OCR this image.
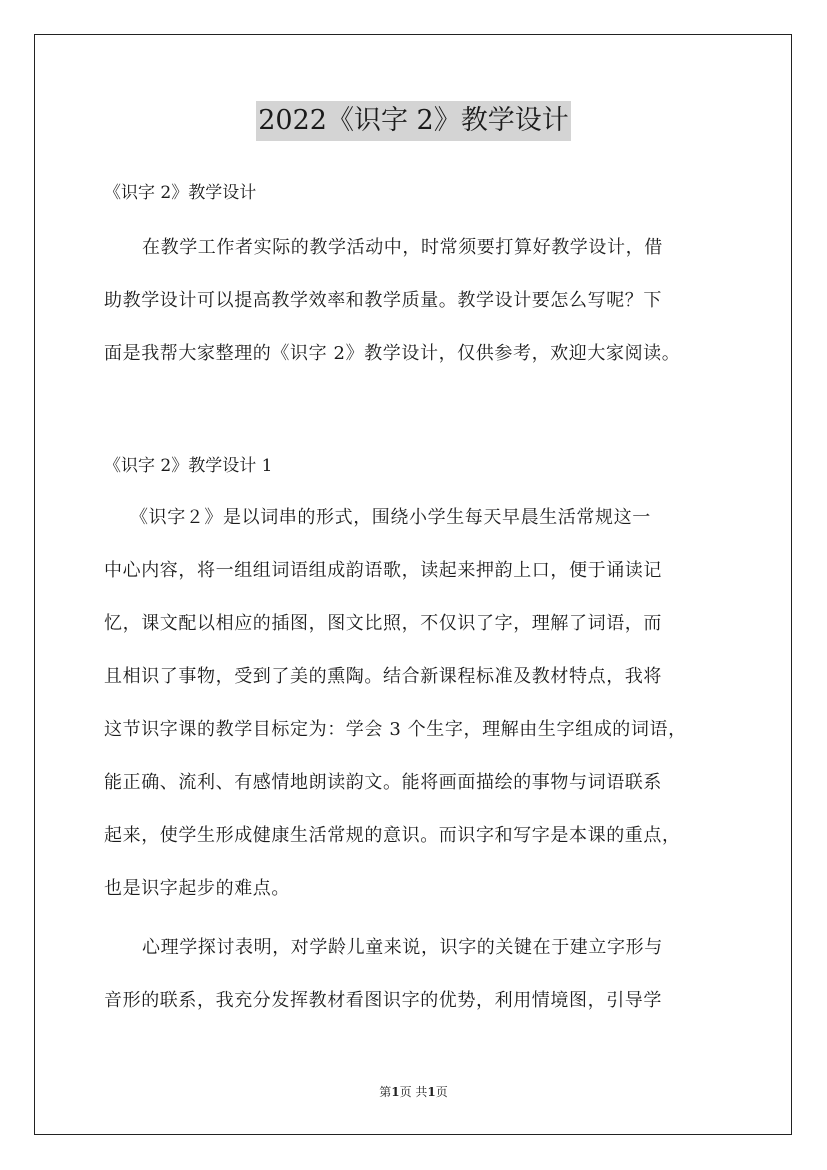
2022《识字 2》教学设计
《识字 2》教学设计
在教学工作者实际的教学活动中，时常须要打算好教学设计，借
助教学设计可以提高教学效率和教学质量。教学设计要怎么写呢？下
面是我帮大家整理的《识字 2》教学设计，仅供参考，欢迎大家阅读。
《识字 2》教学设计 1
《识字２》是以词串的形式，围绕小学生每天早晨生活常规这一
中心内容，将一组组词语组成韵语歌，读起来押韵上口，便于诵读记
忆，课文配以相应的插图，图文比照，不仅识了字，理解了词语，而
且相识了事物，受到了美的熏陶。结合新课程标准及教材特点，我将
这节识字课的教学目标定为：学会 3 个生字，理解由生字组成的词语，
能正确、流利、有感情地朗读韵文。能将画面描绘的事物与词语联系
起来，使学生形成健康生活常规的意识。而识字和写字是本课的重点，
也是识字起步的难点。
心理学探讨表明，对学龄儿童来说，识字的关键在于建立字形与
音形的联系，我充分发挥教材看图识字的优势，利用情境图，引导学
第1页 共1页
